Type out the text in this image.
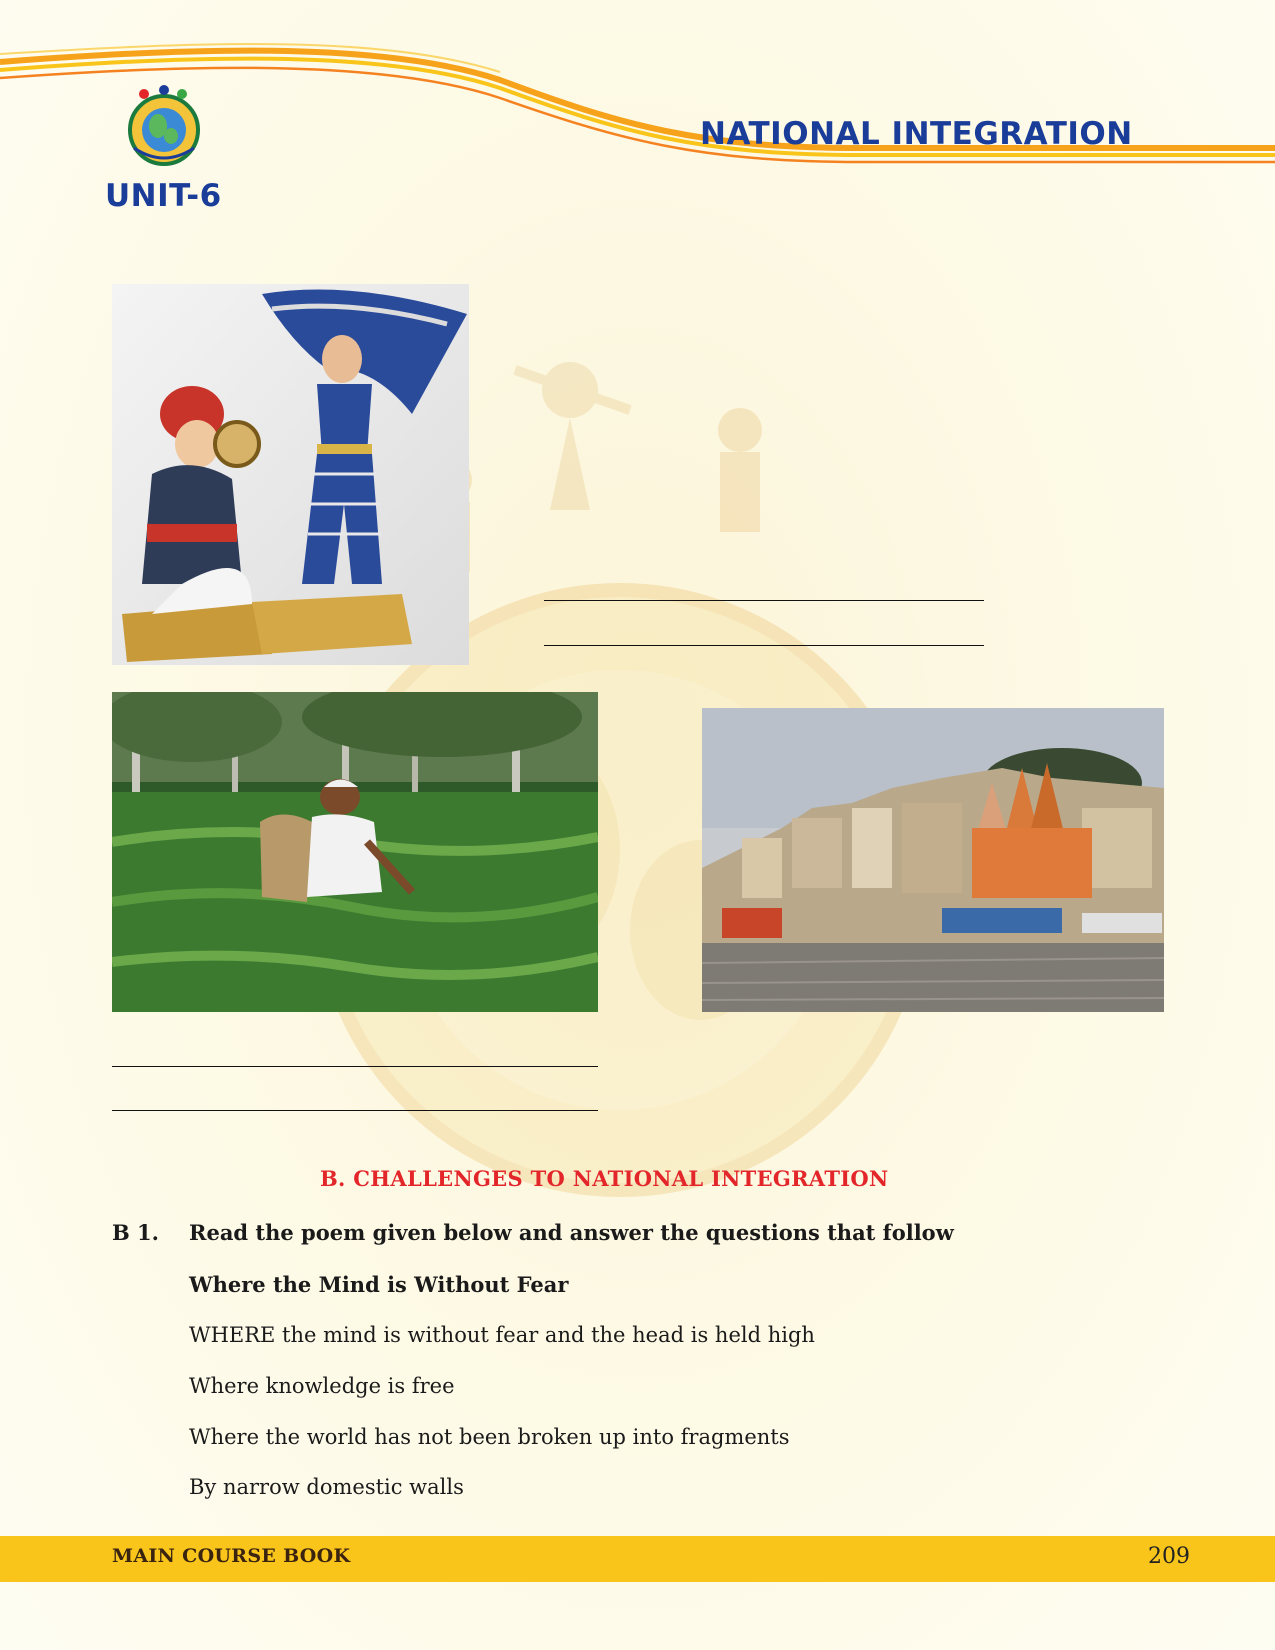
UNIT-6
NATIONAL INTEGRATION
B. CHALLENGES TO NATIONAL INTEGRATION
B 1.	Read the poem given below and answer the questions that follow
Where the Mind is Without Fear
WHERE the mind is without fear and the head is held high
Where knowledge is free
Where the world has not been broken up into fragments
By narrow domestic walls
MAIN COURSE BOOK	209
